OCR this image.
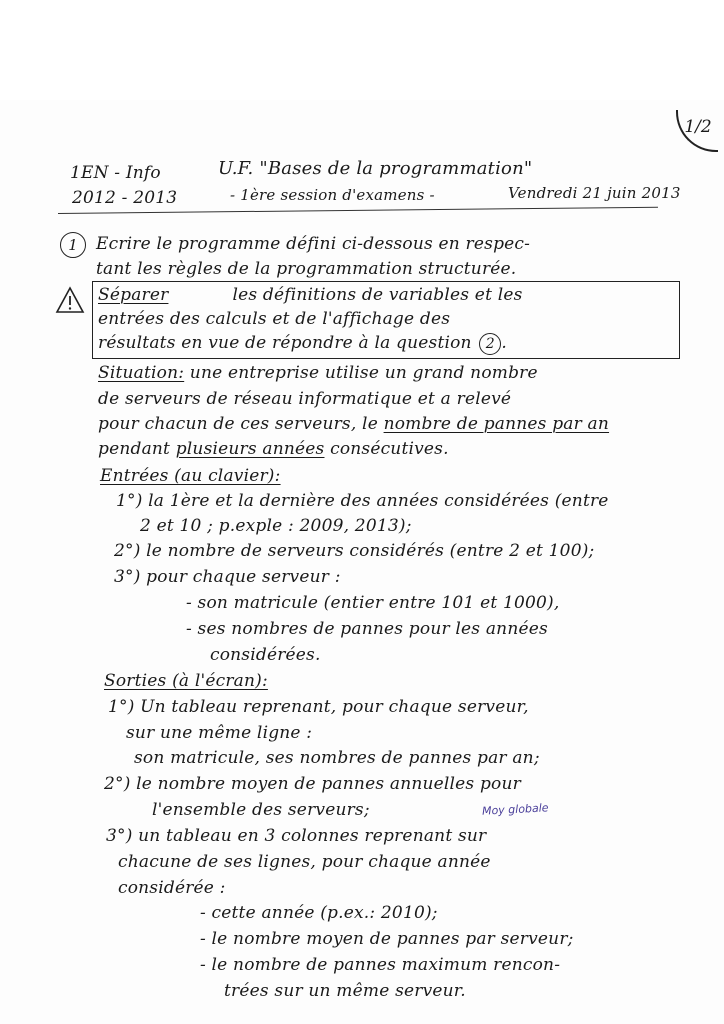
1/2
1EN - Info
2012 - 2013
U.F. "Bases de la programmation"
- 1ère session d'examens -	Vendredi 21 juin 2013
1	Ecrire le programme défini ci-dessous en respec-
tant les règles de la programmation structurée.
Séparer	les définitions de variables et les
entrées des calculs et de l'affichage des
résultats en vue de répondre à la question 2 .
Situation: une entreprise utilise un grand nombre
de serveurs de réseau informatique et a relevé
pour chacun de ces serveurs, le nombre de pannes par an
pendant plusieurs années consécutives.
Entrées (au clavier):
1°) la 1ère et la dernière des années considérées (entre
2 et 10 ; p.exple : 2009, 2013);
2°) le nombre de serveurs considérés (entre 2 et 100);
3°) pour chaque serveur :
- son matricule (entier entre 101 et 1000),
- ses nombres de pannes pour les années
considérées.
Sorties (à l'écran):
1°) Un tableau reprenant, pour chaque serveur,
sur une même ligne :
son matricule, ses nombres de pannes par an;
2°) le nombre moyen de pannes annuelles pour
l'ensemble des serveurs;	Moy globale
3°) un tableau en 3 colonnes reprenant sur
chacune de ses lignes, pour chaque année
considérée :
- cette année (p.ex.: 2010);
- le nombre moyen de pannes par serveur;
- le nombre de pannes maximum rencon-
trées sur un même serveur.
